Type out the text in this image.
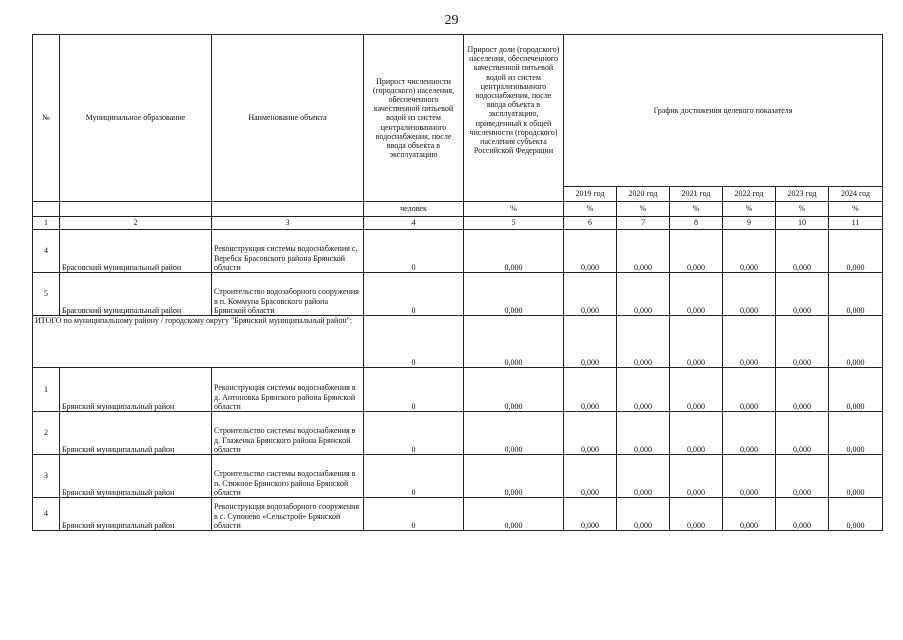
29
№	Муниципальное образование	Наименование объекта	Прирост численности (городского) населения, обеспеченного качественной питьевой водой из систем централизованного водоснабжения, после ввода объекта в эксплуатацию	Прирост доли (городского) населения, обеспеченного качественной питьевой водой из систем централизованного водоснабжения, после ввода объекта в эксплуатацию, приведенный к общей численности (городского) населения субъекта Российской Федерации	График достижения целевого показателя					
					2019 год	2020 год	2021 год	2022 год	2023 год	2024 год
			человек	%	%	%	%	%	%	%
1	2	3	4	5	6	7	8	9	10	11
4	Брасовский муниципальный район	Реконструкция системы водоснабжения с. Веребск Брасовского района Брянской области	0	0,000	0,000	0,000	0,000	0,000	0,000	0,000
5	Брасовский муниципальный район	Строительство водозаборного сооружения в п. Коммуна Брасовского района Брянской области	0	0,000	0,000	0,000	0,000	0,000	0,000	0,000
ИТОГО по муниципальному району / городскому округу "Брянский муниципальный район":			0	0,000	0,000	0,000	0,000	0,000	0,000	0,000
1	Брянский муниципальный район	Реконструкция системы водоснабжения в д. Антоновка Брянского района Брянской области	0	0,000	0,000	0,000	0,000	0,000	0,000	0,000
2	Брянский муниципальный район	Строительство системы водоснабжения в д. Глаженка Брянского района Брянской области	0	0,000	0,000	0,000	0,000	0,000	0,000	0,000
3	Брянский муниципальный район	Строительство системы водоснабжения в п. Стяжное Брянского района Брянской области	0	0,000	0,000	0,000	0,000	0,000	0,000	0,000
4	Брянский муниципальный район	Реконструкция водозаборного сооружения в с. Супонево «Сельстрой» Брянской области	0	0,000	0,000	0,000	0,000	0,000	0,000	0,000
